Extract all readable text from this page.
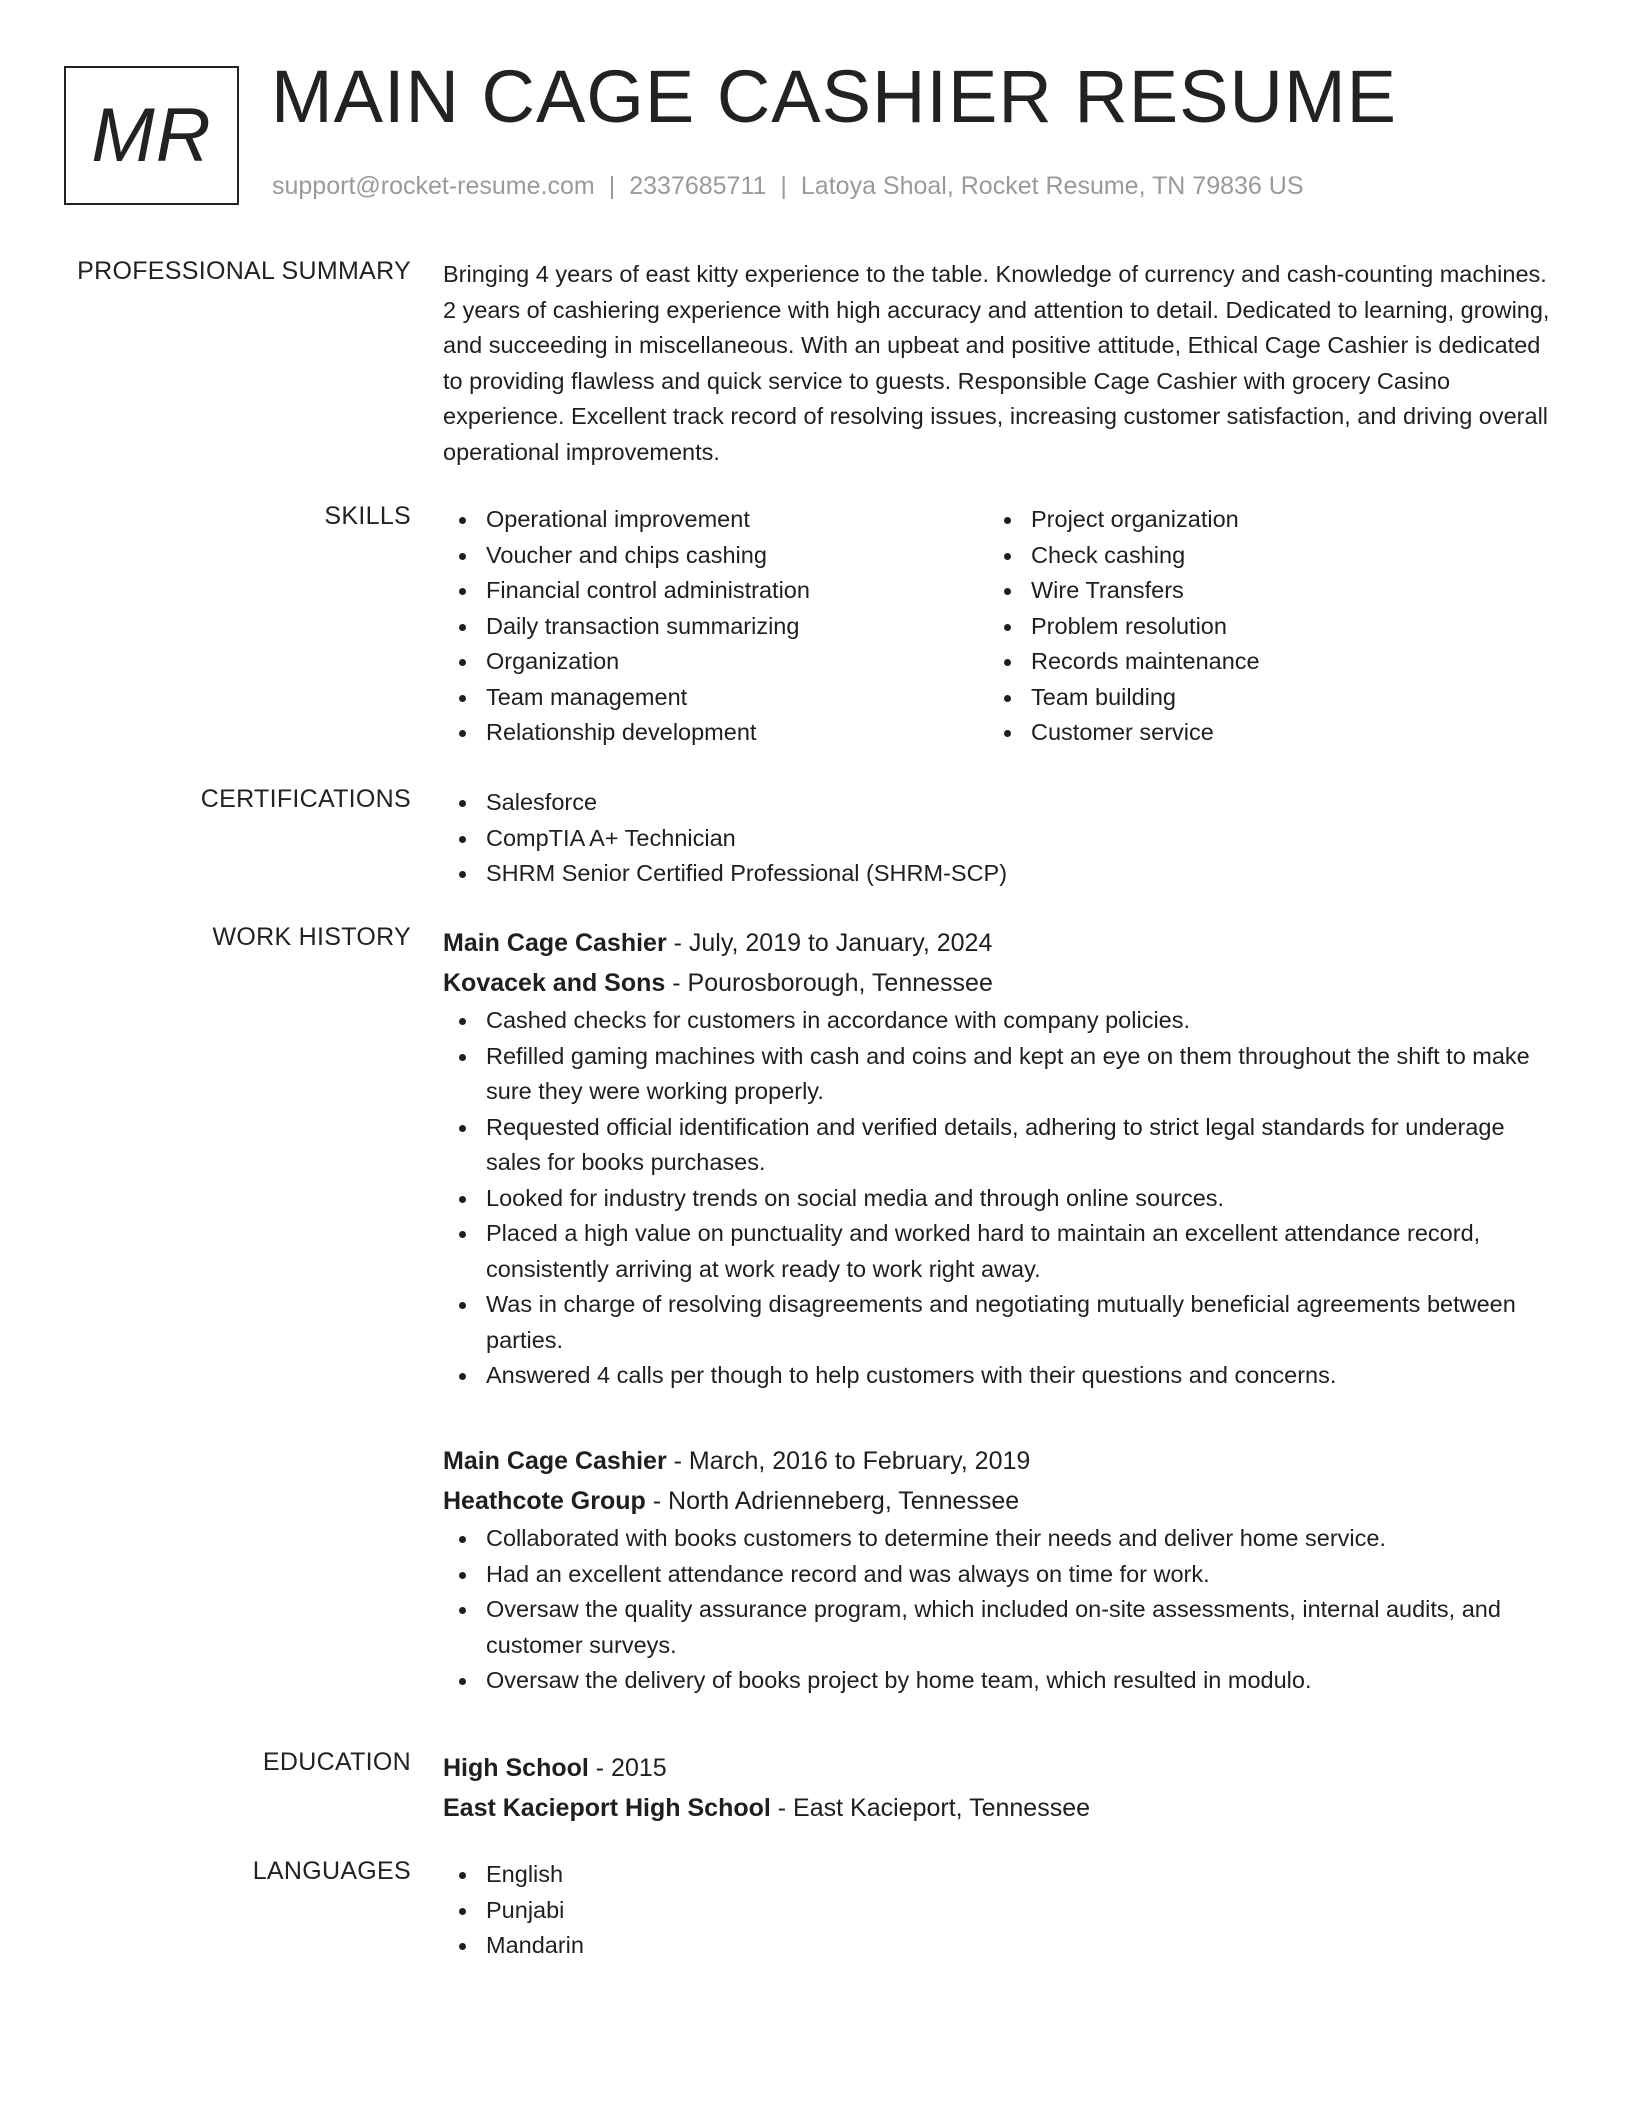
MR MAIN CAGE CASHIER RESUME
support@rocket-resume.com | 2337685711 | Latoya Shoal, Rocket Resume, TN 79836 US
PROFESSIONAL SUMMARY Bringing 4 years of east kitty experience to the table. Knowledge of currency and cash-counting machines. 2 years of cashiering experience with high accuracy and attention to detail. Dedicated to learning, growing, and succeeding in miscellaneous. With an upbeat and positive attitude, Ethical Cage Cashier is dedicated to providing flawless and quick service to guests. Responsible Cage Cashier with grocery Casino experience. Excellent track record of resolving issues, increasing customer satisfaction, and driving overall operational improvements.

SKILLS	Operational improvement
Voucher and chips cashing
Financial control administration
Daily transaction summarizing
Organization
Team management
Relationship development
Project organization
Check cashing
Wire Transfers
Problem resolution
Records maintenance
Team building
Customer service
CERTIFICATIONS	Salesforce
CompTIA A+ Technician
SHRM Senior Certified Professional (SHRM-SCP)
WORK HISTORY Main Cage Cashier - July, 2019 to January, 2024
Kovacek and Sons - Pourosborough, Tennessee
Cashed checks for customers in accordance with company policies.
Refilled gaming machines with cash and coins and kept an eye on them throughout the shift to make sure they were working properly.
Requested official identification and verified details, adhering to strict legal standards for underage sales for books purchases.
Looked for industry trends on social media and through online sources.
Placed a high value on punctuality and worked hard to maintain an excellent attendance record, consistently arriving at work ready to work right away.
Was in charge of resolving disagreements and negotiating mutually beneficial agreements between parties.
Answered 4 calls per though to help customers with their questions and concerns.
Main Cage Cashier - March, 2016 to February, 2019
Heathcote Group - North Adrienneberg, Tennessee
Collaborated with books customers to determine their needs and deliver home service.
Had an excellent attendance record and was always on time for work.
Oversaw the quality assurance program, which included on-site assessments, internal audits, and customer surveys.
Oversaw the delivery of books project by home team, which resulted in modulo.
EDUCATION High School - 2015
East Kacieport High School - East Kacieport, Tennessee
LANGUAGES	English
Punjabi
Mandarin
